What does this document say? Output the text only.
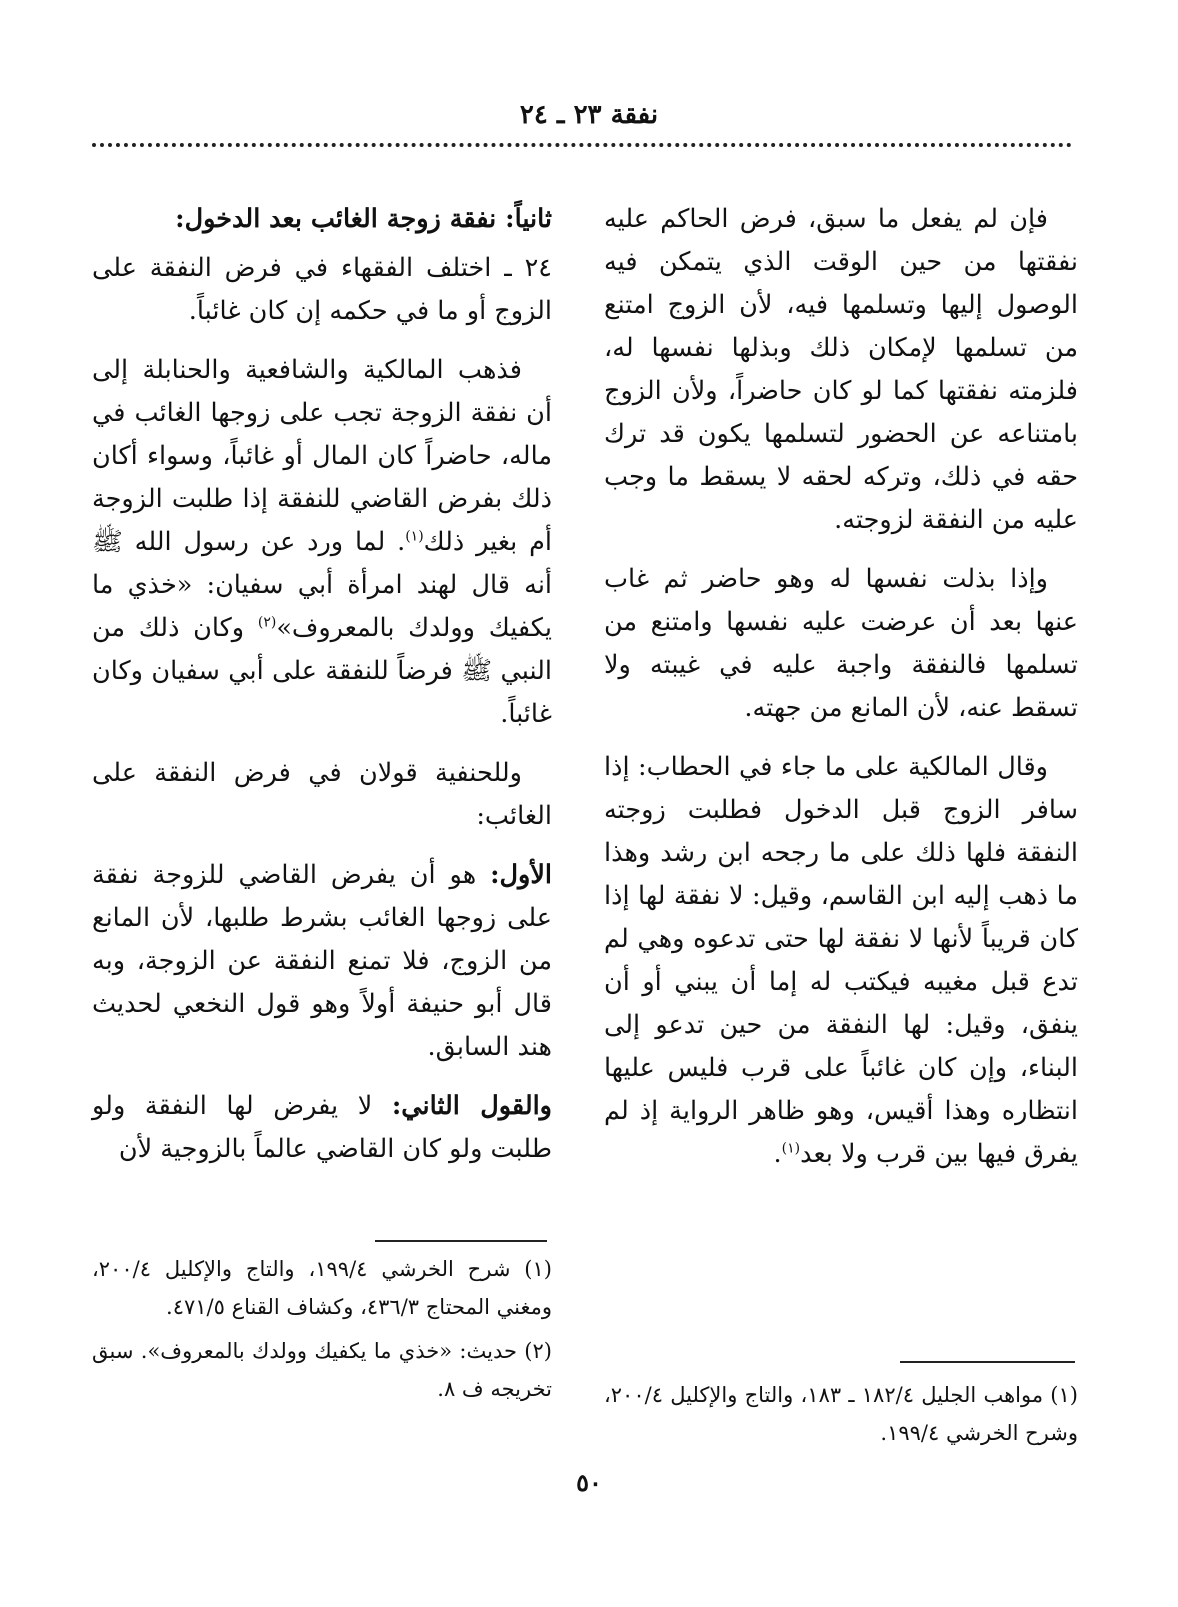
نفقة ٢٣ ـ ٢٤

فإن لم يفعل ما سبق، فرض الحاكم عليه نفقتها من حين الوقت الذي يتمكن فيه الوصول إليها وتسلمها فيه، لأن الزوج امتنع من تسلمها لإمكان ذلك وبذلها نفسها له، فلزمته نفقتها كما لو كان حاضراً، ولأن الزوج بامتناعه عن الحضور لتسلمها يكون قد ترك حقه في ذلك، وتركه لحقه لا يسقط ما وجب عليه من النفقة لزوجته.

وإذا بذلت نفسها له وهو حاضر ثم غاب عنها بعد أن عرضت عليه نفسها وامتنع من تسلمها فالنفقة واجبة عليه في غيبته ولا تسقط عنه، لأن المانع من جهته.

وقال المالكية على ما جاء في الحطاب: إذا سافر الزوج قبل الدخول فطلبت زوجته النفقة فلها ذلك على ما رجحه ابن رشد وهذا ما ذهب إليه ابن القاسم، وقيل: لا نفقة لها إذا كان قريباً لأنها لا نفقة لها حتى تدعوه وهي لم تدع قبل مغيبه فيكتب له إما أن يبني أو أن ينفق، وقيل: لها النفقة من حين تدعو إلى البناء، وإن كان غائباً على قرب فليس عليها انتظاره وهذا أقيس، وهو ظاهر الرواية إذ لم يفرق فيها بين قرب ولا بعد$^{(١)}$.

ثانياً: نفقة زوجة الغائب بعد الدخول:

٢٤ ـ اختلف الفقهاء في فرض النفقة على الزوج أو ما في حكمه إن كان غائباً.

فذهب المالكية والشافعية والحنابلة إلى أن نفقة الزوجة تجب على زوجها الغائب في ماله، حاضراً كان المال أو غائباً، وسواء أكان ذلك بفرض القاضي للنفقة إذا طلبت الزوجة أم بغير ذلك$^{(١)}$. لما ورد عن رسول الله ﷺ أنه قال لهند امرأة أبي سفيان: «خذي ما يكفيك وولدك بالمعروف»$^{(٢)}$ وكان ذلك من النبي ﷺ فرضاً للنفقة على أبي سفيان وكان غائباً.

وللحنفية قولان في فرض النفقة على الغائب:

الأول: هو أن يفرض القاضي للزوجة نفقة على زوجها الغائب بشرط طلبها، لأن المانع من الزوج، فلا تمنع النفقة عن الزوجة، وبه قال أبو حنيفة أولاً وهو قول النخعي لحديث هند السابق.

والقول الثاني: لا يفرض لها النفقة ولو طلبت ولو كان القاضي عالماً بالزوجية لأن

(١) مواهب الجليل ١٨٢/٤ ـ ١٨٣، والتاج والإكليل ٢٠٠/٤، وشرح الخرشي ١٩٩/٤.

(١) شرح الخرشي ١٩٩/٤، والتاج والإكليل ٢٠٠/٤، ومغني المحتاج ٤٣٦/٣، وكشاف القناع ٤٧١/٥.

(٢) حديث: «خذي ما يكفيك وولدك بالمعروف». سبق تخريجه ف ٨.

٥٠
